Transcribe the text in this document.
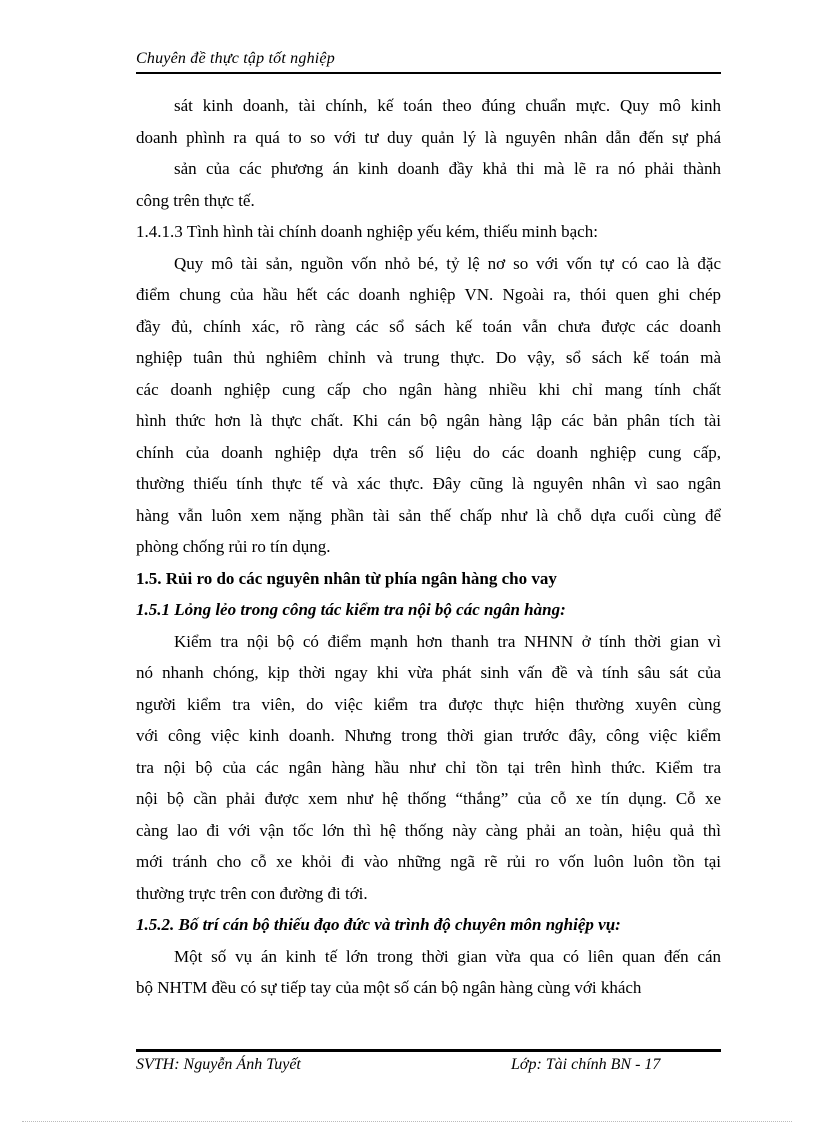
Chuyên đề thực tập tốt nghiệp
sát kinh doanh, tài chính, kế toán theo đúng chuẩn mực. Quy mô kinh
doanh phình ra quá to so với tư duy quản lý là nguyên nhân dẫn đến sự phá
sản của các phương án kinh doanh đầy khả thi mà lẽ ra nó phải thành
công trên thực tế.
1.4.1.3 Tình hình tài chính doanh nghiệp yếu kém, thiếu minh bạch:
Quy mô tài sản, nguồn vốn nhỏ bé, tỷ lệ nơ so với vốn tự có cao là đặc
điểm chung của hầu hết các doanh nghiệp VN. Ngoài ra, thói quen ghi chép
đầy đủ, chính xác, rõ ràng các sổ sách kế toán vẫn chưa được các doanh
nghiệp tuân thủ nghiêm chỉnh và trung thực. Do vậy, sổ sách kế toán mà
các doanh nghiệp cung cấp cho ngân hàng nhiều khi chỉ mang tính chất
hình thức hơn là thực chất. Khi cán bộ ngân hàng lập các bản phân tích tài
chính của doanh nghiệp dựa trên số liệu do các doanh nghiệp cung cấp,
thường thiếu tính thực tế và xác thực. Đây cũng là nguyên nhân vì sao ngân
hàng vẫn luôn xem nặng phần tài sản thế chấp như là chỗ dựa cuối cùng để
phòng chống rủi ro tín dụng.
1.5. Rủi ro do các nguyên nhân từ phía ngân hàng cho vay
1.5.1 Lỏng lẻo trong công tác kiểm tra nội bộ các ngân hàng:
Kiểm tra nội bộ có điểm mạnh hơn thanh tra NHNN ở tính thời gian vì
nó nhanh chóng, kịp thời ngay khi vừa phát sinh vấn đề và tính sâu sát của
người kiểm tra viên, do việc kiểm tra được thực hiện thường xuyên cùng
với công việc kinh doanh. Nhưng trong thời gian trước đây, công việc kiểm
tra nội bộ của các ngân hàng hầu như chỉ tồn tại trên hình thức. Kiểm tra
nội bộ cần phải được xem như hệ thống “thắng” của cỗ xe tín dụng. Cỗ xe
càng lao đi với vận tốc lớn thì hệ thống này càng phải an toàn, hiệu quả thì
mới tránh cho cỗ xe khỏi đi vào những ngã rẽ rủi ro vốn luôn luôn tồn tại
thường trực trên con đường đi tới.
1.5.2. Bố trí cán bộ thiếu đạo đức và trình độ chuyên môn nghiệp vụ:
Một số vụ án kinh tế lớn trong thời gian vừa qua có liên quan đến cán
bộ NHTM đều có sự tiếp tay của một số cán bộ ngân hàng cùng với khách
SVTH: Nguyễn Ánh Tuyết	Lớp: Tài chính BN - 17
